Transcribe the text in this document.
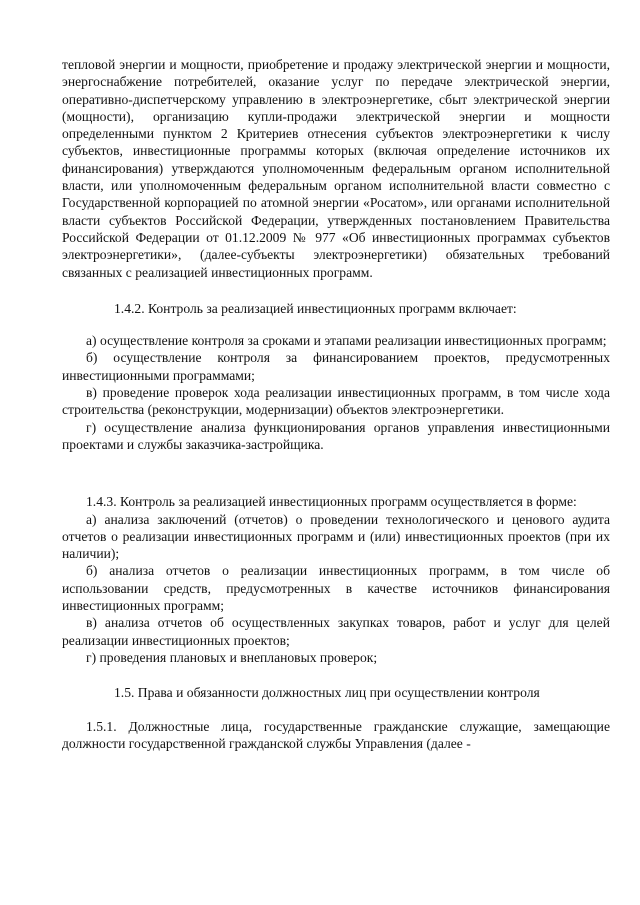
тепловой энергии и мощности, приобретение и продажу электрической энергии и мощности, энергоснабжение потребителей, оказание услуг по передаче электрической энергии, оперативно-диспетчерскому управлению в электроэнергетике, сбыт электрической энергии (мощности), организацию купли-продажи электрической энергии и мощности определенными пунктом 2 Критериев отнесения субъектов электроэнергетики к числу субъектов, инвестиционные программы которых (включая определение источников их финансирования) утверждаются уполномоченным федеральным органом исполнительной власти, или уполномоченным федеральным органом исполнительной власти совместно с Государственной корпорацией по атомной энергии «Росатом», или органами исполнительной власти субъектов Российской Федерации, утвержденных постановлением Правительства Российской Федерации от 01.12.2009 № 977 «Об инвестиционных программах субъектов электроэнергетики», (далее-субъекты электроэнергетики) обязательных требований связанных с реализацией инвестиционных программ.

1.4.2. Контроль за реализацией инвестиционных программ включает:

а) осуществление контроля за сроками и этапами реализации инвестиционных программ;

б) осуществление контроля за финансированием проектов, предусмотренных инвестиционными программами;

в) проведение проверок хода реализации инвестиционных программ, в том числе хода строительства (реконструкции, модернизации) объектов электроэнергетики.

г) осуществление анализа функционирования органов управления инвестиционными проектами и службы заказчика-застройщика.

1.4.3. Контроль за реализацией инвестиционных программ осуществляется в форме:

а) анализа заключений (отчетов) о проведении технологического и ценового аудита отчетов о реализации инвестиционных программ и (или) инвестиционных проектов (при их наличии);

б) анализа отчетов о реализации инвестиционных программ, в том числе об использовании средств, предусмотренных в качестве источников финансирования инвестиционных программ;

в) анализа отчетов об осуществленных закупках товаров, работ и услуг для целей реализации инвестиционных проектов;

г) проведения плановых и внеплановых проверок;

1.5. Права и обязанности должностных лиц при осуществлении контроля

1.5.1. Должностные лица, государственные гражданские служащие, замещающие должности государственной гражданской службы Управления (далее -
